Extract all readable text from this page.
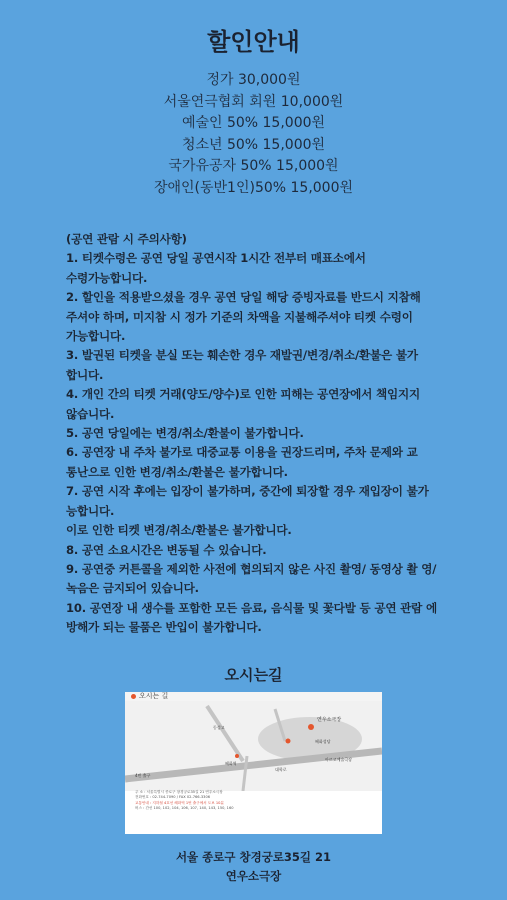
할인안내
정가 30,000원
서울연극협회 회원 10,000원
예술인 50% 15,000원
청소년 50% 15,000원
국가유공자 50% 15,000원
장애인(동반1인)50% 15,000원
(공연 관람 시 주의사항)
1. 티켓수령은 공연 당일 공연시작 1시간 전부터 매표소에서 수령가능합니다.
2. 할인을 적용받으셨을 경우 공연 당일 해당 증빙자료를 반드시 지참해 주셔야 하며, 미지참 시 정가 기준의 차액을 지불해주셔야 티켓 수령이 가능합니다.
3. 발권된 티켓을 분실 또는 훼손한 경우 재발권/변경/취소/환불은 불가 합니다.
4. 개인 간의 티켓 거래(양도/양수)로 인한 피해는 공연장에서 책임지지 않습니다.
5. 공연 당일에는 변경/취소/환불이 불가합니다.
6. 공연장 내 주차 불가로 대중교통 이용을 권장드리며, 주차 문제와 교 통난으로 인한 변경/취소/환불은 불가합니다.
7. 공연 시작 후에는 입장이 불가하며, 중간에 퇴장할 경우 재입장이 불가 능합니다.
이로 인한 티켓 변경/취소/환불은 불가합니다.
8. 공연 소요시간은 변동될 수 있습니다.
9. 공연중 커튼콜을 제외한 사전에 협의되지 않은 사진 촬영/ 동영상 촬 영/ 녹음은 금지되어 있습니다.
10. 공연장 내 생수를 포함한 모든 음료, 음식물 및 꽃다발 등 공연 관람 에 방해가 되는 물품은 반입이 불가합니다.
오시는길
오시는 길
연우소극장
혜화성당
동성고
혜화역
대학로
4번 출구
아르코예술극장
주 소 : 서울특별시 종로구 창경궁로35길 21 연우소극장
전화번호 : 02-744-7090 / FAX 02-766-3306
교통안내 : 지하철 4호선 혜화역 1번 출구에서 도보 10분
버스 : 간선 100, 102, 104, 106, 107, 140, 143, 150, 160
서울 종로구 창경궁로35길 21
연우소극장
